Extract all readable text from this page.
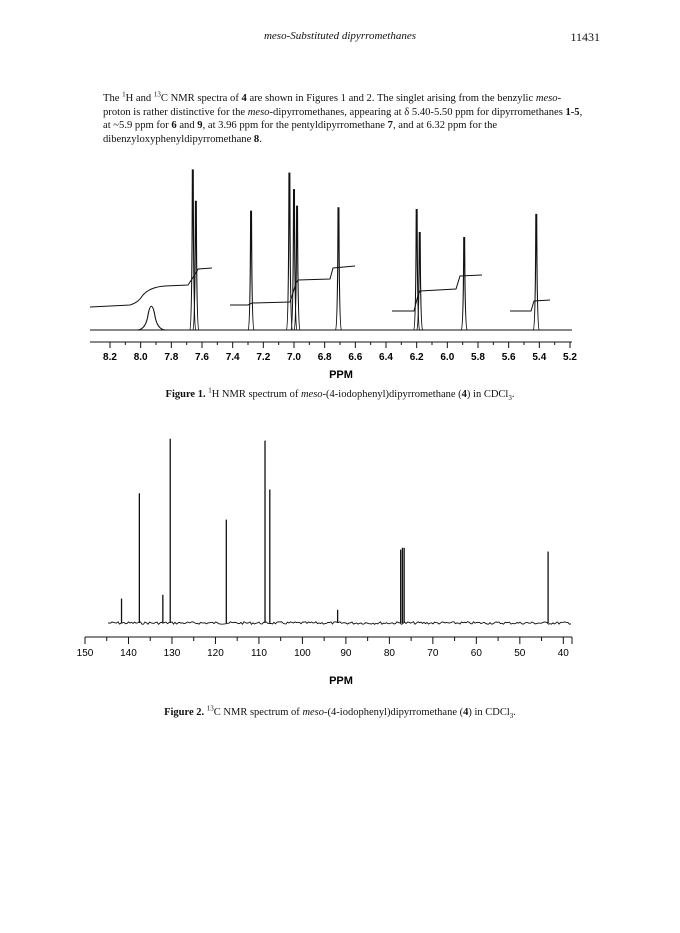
meso-Substituted dipyrromethanes	11431
The $^1$H and $^{13}$C NMR spectra of 4 are shown in Figures 1 and 2. The singlet arising from the benzylic meso-proton is rather distinctive for the meso-dipyrromethanes, appearing at δ 5.40-5.50 ppm for dipyrromethanes 1-5, at ~5.9 ppm for 6 and 9, at 3.96 ppm for the pentyldipyrromethane 7, and at 6.32 ppm for the dibenzyloxyphenyldipyrromethane 8.
8.2 8.0 7.8 7.6 7.4 7.2 7.0 6.8 6.6 6.4 6.2 6.0 5.8 5.6 5.4 5.2
PPM
Figure 1. $^1$H NMR spectrum of meso-(4-iodophenyl)dipyrromethane (4) in CDCl$_3$.
150	140	130	120	110	100	90	80	70	60	50	40
PPM
Figure 2. $^{13}$C NMR spectrum of meso-(4-iodophenyl)dipyrromethane (4) in CDCl$_3$.
